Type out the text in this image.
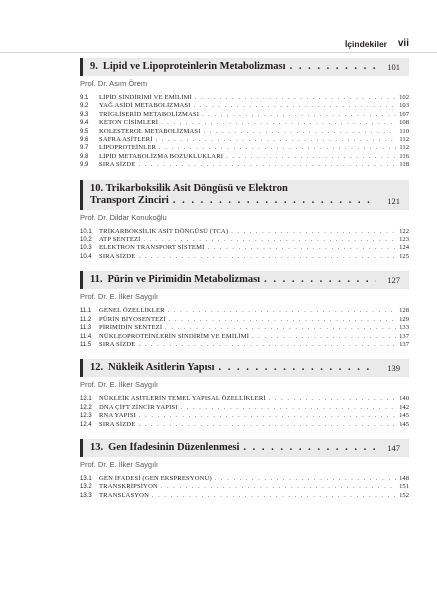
İçindekiler vii
9. Lipid ve Lipoproteinlerin Metabolizması . . .	101
Prof. Dr. Asım Örem
9.1	LİPİD SİNDİRİMİ VE EMİLİMİ . . .	102
9.2	YAĞ ASİDİ METABOLİZMASI . . .	103
9.3	TRİGLİSERİD METABOLİZMASI . . .	107
9.4	KETON CİSİMLERİ . . .	108
9.5	KOLESTEROL METABOLİZMASI . . .	110
9.6	SAFRA ASİTLERİ . . .	112
9.7	LİPOPROTEİNLER . . .	112
9.8	LİPİD METABOLİZMA BOZUKLUKLARI . . .	116
9.9	SIRA SİZDE . . .	118
10. Trikarboksilik Asit Döngüsü ve Elektron
Transport Zinciri . . .	121
Prof. Dr. Dildar Konukoğlu
10.1	TRİKARBOKSİLİK ASİT DÖNGÜSÜ (TCA) . . .	122
10.2	ATP SENTEZİ . . .	123
10.3	ELEKTRON TRANSPORT SİSTEMİ . . .	124
10.4	SIRA SİZDE . . .	125
11. Pürin ve Pirimidin Metabolizması . . .	127
Prof. Dr. E. İlker Saygılı
11.1	GENEL ÖZELLİKLER . . .	128
11.2	PÜRİN BİYOSENTEZİ . . .	129
11.3	PİRİMİDİN SENTEZİ . . .	133
11.4	NÜKLEOPROTEİNLERİN SİNDİRİM VE EMİLİMİ . . .	137
11.5	SIRA SİZDE . . .	137
12. Nükleik Asitlerin Yapısı . . .	139
Prof. Dr. E. İlker Saygılı
12.1	NÜKLEİK ASİTLERİN TEMEL YAPISAL ÖZELLİKLERİ . . .	140
12.2	DNA ÇİFT ZİNCİR YAPISI . . .	142
12.3	RNA YAPISI . . .	145
12.4	SIRA SİZDE . . .	145
13. Gen İfadesinin Düzenlenmesi . . .	147
Prof. Dr. E. İlker Saygılı
13.1	GEN İFADESİ (GEN EKSPRESYONU) . . .	148
13.2	TRANSKRİPSİYON . . .	151
13.3	TRANSLASYON . . .	152
